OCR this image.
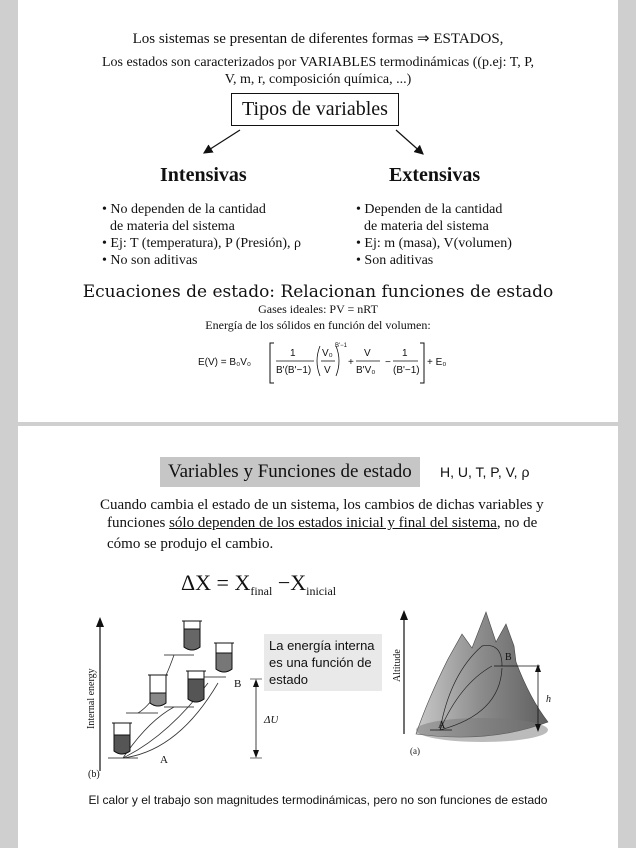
Los sistemas se presentan de diferentes formas ⇒ ESTADOS,
Los estados son caracterizados por VARIABLES termodinámicas ((p.ej: T, P,
V, m, r, composición química, ...)
Tipos de variables
Intensivas	Extensivas
• No dependen de la cantidad
de materia del sistema
• Ej: T (temperatura), P (Presión), ρ
• No son aditivas
• Dependen de la cantidad
de materia del sistema
• Ej: m (masa), V(volumen)
• Son aditivas
Ecuaciones de estado: Relacionan funciones de estado
Gases ideales: PV = nRT
Energía de los sólidos en función del volumen:
E(V) = B₀V₀
1
B'(B'−1)
V₀
V
B'−1
+
V
B'V₀
−
1
(B'−1)
+ E₀
Variables y Funciones de estado	H, U, T, P, V, ρ
Cuando cambia el estado de un sistema, los cambios de dichas variables y
funciones sólo dependen de los estados inicial y final del sistema, no de
cómo se produjo el cambio.
$\Delta X = X_{final} -X_{inicial}$
Internal energy
A
B
ΔU
(b)
La energía interna es una función de estado	Altitude
A
B
h
(a)
El calor y el trabajo son magnitudes termodinámicas, pero no son funciones de estado
